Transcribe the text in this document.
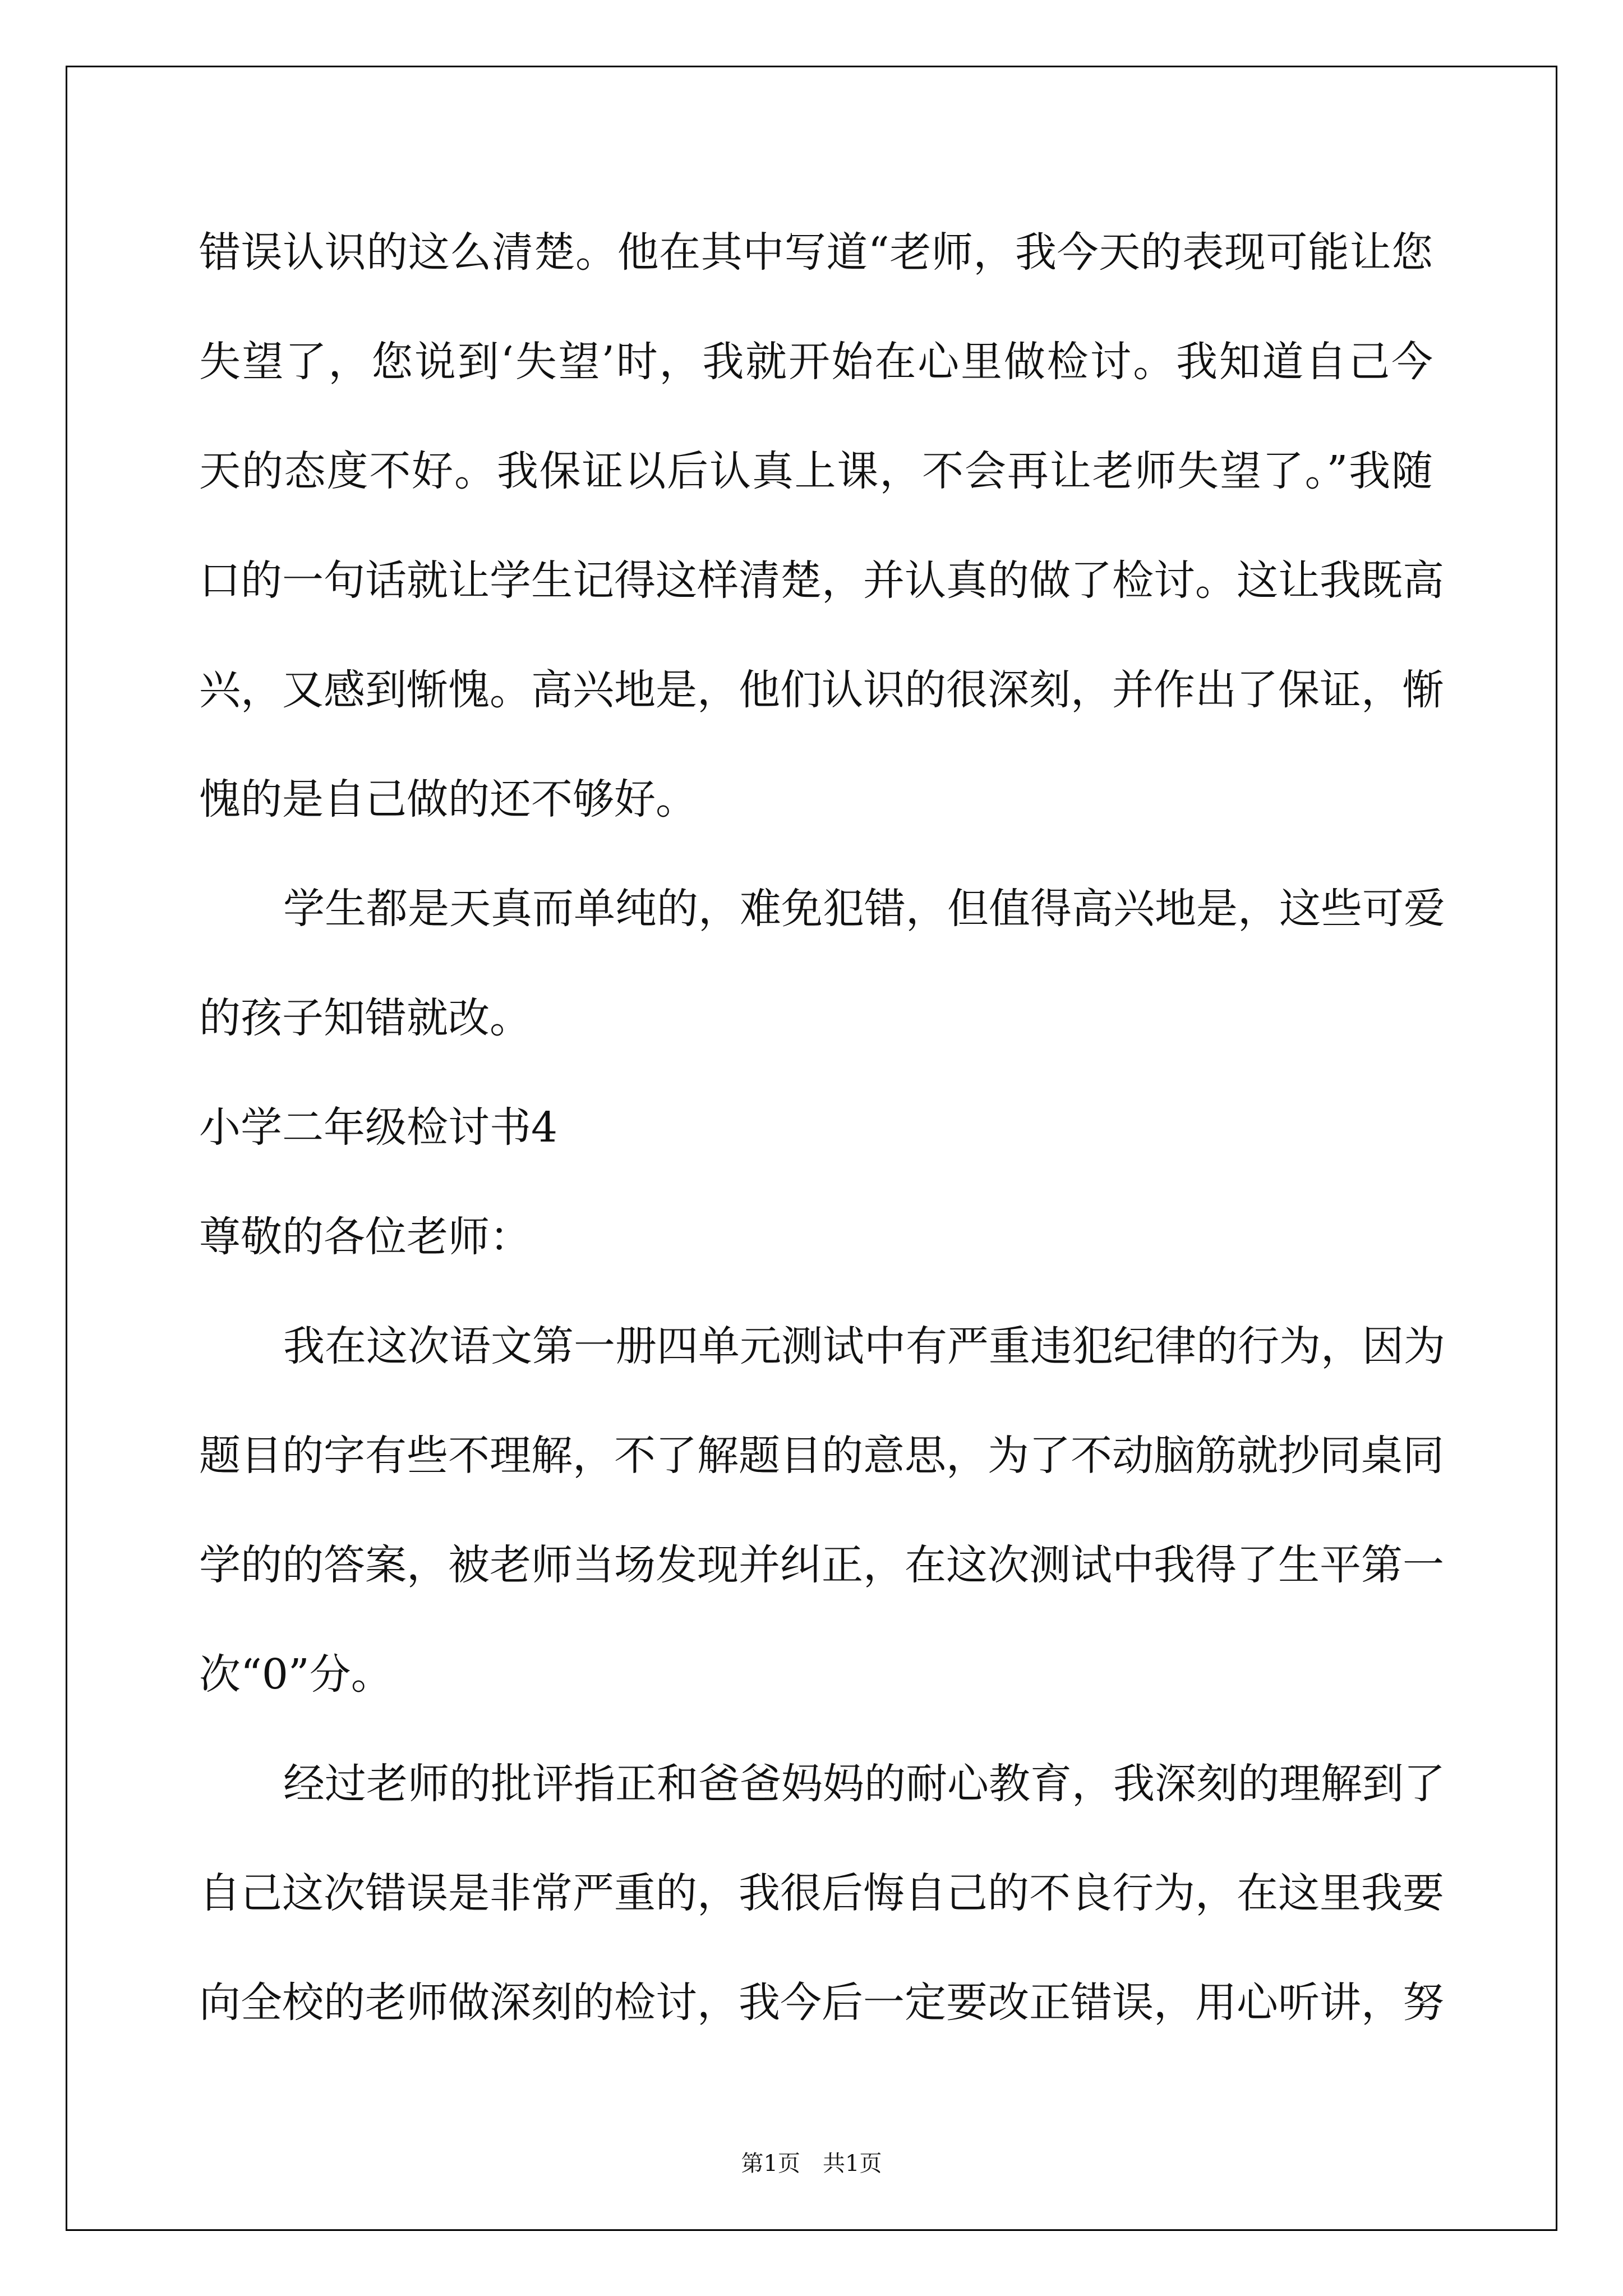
错误认识的这么清楚。他在其中写道“老师，我今天的表现可能让您

失望了，您说到‘失望’时，我就开始在心里做检讨。我知道自己今

天的态度不好。我保证以后认真上课，不会再让老师失望了。”我随

口的一句话就让学生记得这样清楚，并认真的做了检讨。这让我既高

兴，又感到惭愧。高兴地是，他们认识的很深刻，并作出了保证，惭

愧的是自己做的还不够好。

学生都是天真而单纯的，难免犯错，但值得高兴地是，这些可爱

的孩子知错就改。

小学二年级检讨书4

尊敬的各位老师：

我在这次语文第一册四单元测试中有严重违犯纪律的行为，因为

题目的字有些不理解，不了解题目的意思，为了不动脑筋就抄同桌同

学的的答案，被老师当场发现并纠正，在这次测试中我得了生平第一

次“0”分。

经过老师的批评指正和爸爸妈妈的耐心教育，我深刻的理解到了

自己这次错误是非常严重的，我很后悔自己的不良行为，在这里我要

向全校的老师做深刻的检讨，我今后一定要改正错误，用心听讲，努

第1页　共1页
